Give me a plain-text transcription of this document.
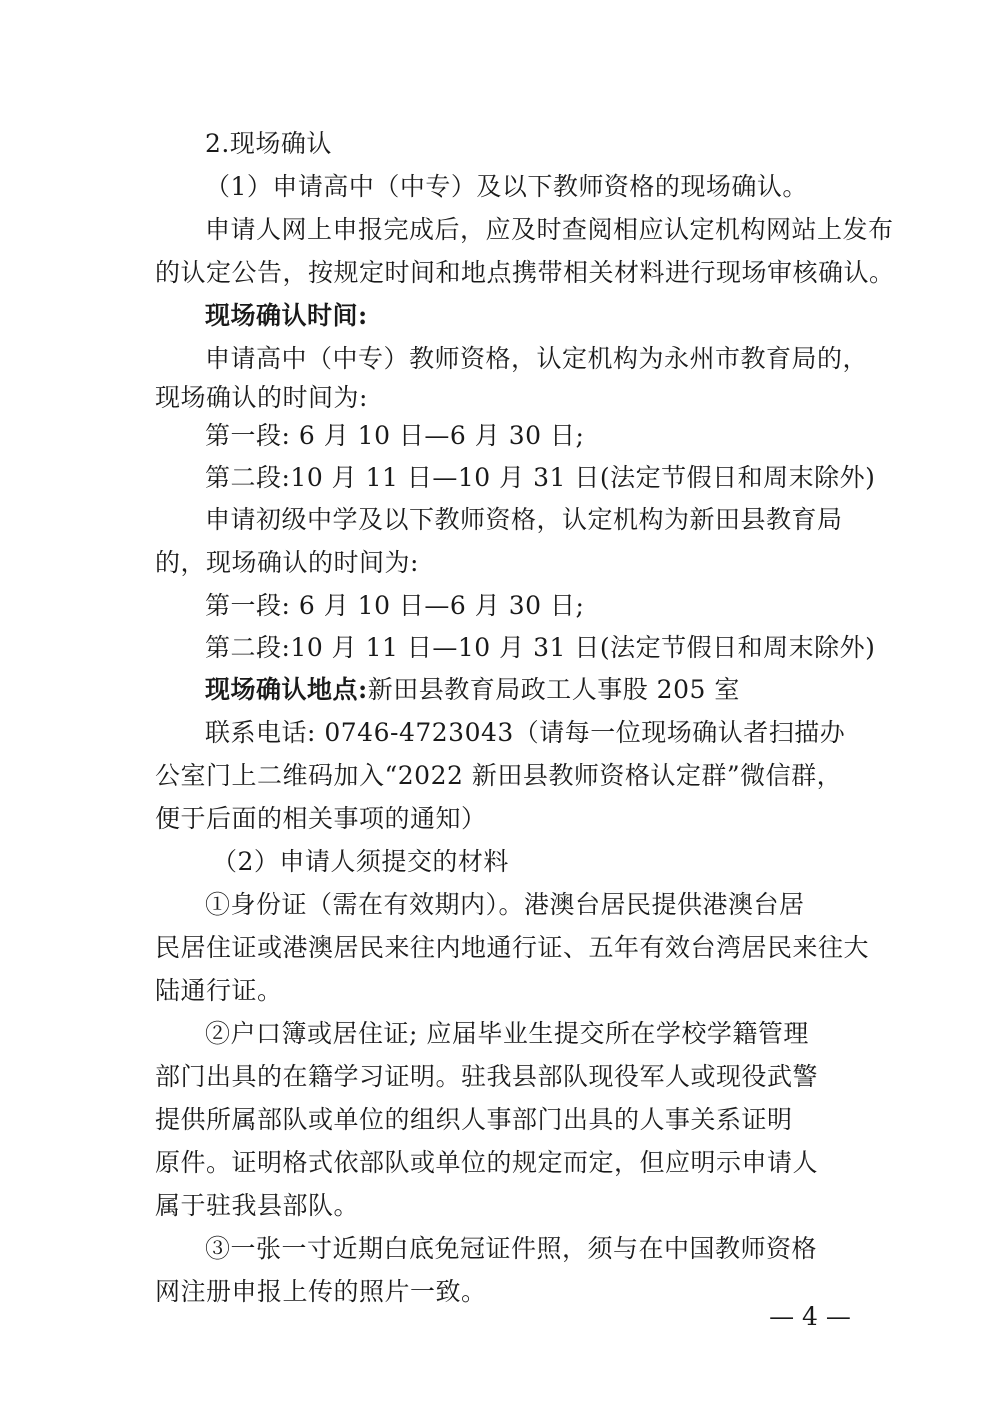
2.现场确认
（1）申请高中（中专）及以下教师资格的现场确认。
申请人网上申报完成后，应及时查阅相应认定机构网站上发布
的认定公告，按规定时间和地点携带相关材料进行现场审核确认。
现场确认时间:
申请高中（中专）教师资格，认定机构为永州市教育局的，
现场确认的时间为:
第一段: 6 月 10 日—6 月 30 日;
第二段:10 月 11 日—10 月 31 日(法定节假日和周末除外)
申请初级中学及以下教师资格，认定机构为新田县教育局
的，现场确认的时间为:
第一段: 6 月 10 日—6 月 30 日;
第二段:10 月 11 日—10 月 31 日(法定节假日和周末除外)
现场确认地点:新田县教育局政工人事股 205 室
联系电话: 0746-4723043（请每一位现场确认者扫描办
公室门上二维码加入“2022 新田县教师资格认定群”微信群，
便于后面的相关事项的通知）
（2）申请人须提交的材料
①身份证（需在有效期内）。港澳台居民提供港澳台居
民居住证或港澳居民来往内地通行证、五年有效台湾居民来往大
陆通行证。
②户口簿或居住证; 应届毕业生提交所在学校学籍管理
部门出具的在籍学习证明。驻我县部队现役军人或现役武警
提供所属部队或单位的组织人事部门出具的人事关系证明
原件。证明格式依部队或单位的规定而定，但应明示申请人
属于驻我县部队。
③一张一寸近期白底免冠证件照，须与在中国教师资格
网注册申报上传的照片一致。
— 4 —
